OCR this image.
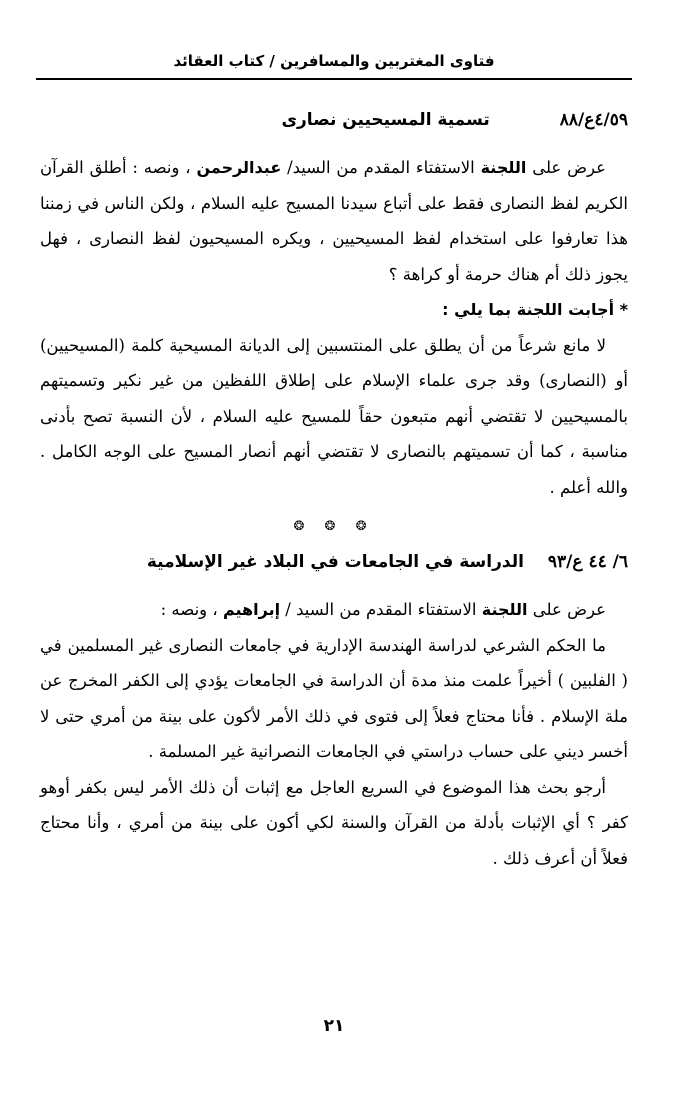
فتاوى المغتربين والمسافرين / كتاب العقائد
٤/٥٩ع/٨٨
تسمية المسيحيين نصارى

عرض على اللجنة الاستفتاء المقدم من السيد/ عبدالرحمن ، ونصه : أطلق القرآن الكريم لفظ النصارى فقط على أتباع سيدنا المسيح عليه السلام ، ولكن الناس في زمننا هذا تعارفوا على استخدام لفظ المسيحيين ، ويكره المسيحيون لفظ النصارى ، فهل يجوز ذلك أم هناك حرمة أو كراهة ؟

* أجابت اللجنة بما يلي :

لا مانع شرعاً من أن يطلق على المنتسبين إلى الديانة المسيحية كلمة (المسيحيين) أو (النصارى) وقد جرى علماء الإسلام على إطلاق اللفظين من غير نكير وتسميتهم بالمسيحيين لا تقتضي أنهم متبعون حقاً للمسيح عليه السلام ، لأن النسبة تصح بأدنى مناسبة ، كما أن تسميتهم بالنصارى لا تقتضي أنهم أنصار المسيح على الوجه الكامل . والله أعلم .

❂ ❂ ❂
٦/ ٤٤ ع/٩٣
الدراسة في الجامعات في البلاد غير الإسلامية

عرض على اللجنة الاستفتاء المقدم من السيد / إبراهيم ، ونصه :

ما الحكم الشرعي لدراسة الهندسة الإدارية في جامعات النصارى غير المسلمين في ( الفلبين ) أخيراً علمت منذ مدة أن الدراسة في الجامعات يؤدي إلى الكفر المخرج عن ملة الإسلام . فأنا محتاج فعلاً إلى فتوى في ذلك الأمر لأكون على بينة من أمري حتى لا أخسر ديني على حساب دراستي في الجامعات النصرانية غير المسلمة .

أرجو بحث هذا الموضوع في السريع العاجل مع إثبات أن ذلك الأمر ليس بكفر أوهو كفر ؟ أي الإثبات بأدلة من القرآن والسنة لكي أكون على بينة من أمري ، وأنا محتاج فعلاً أن أعرف ذلك .

٢١
